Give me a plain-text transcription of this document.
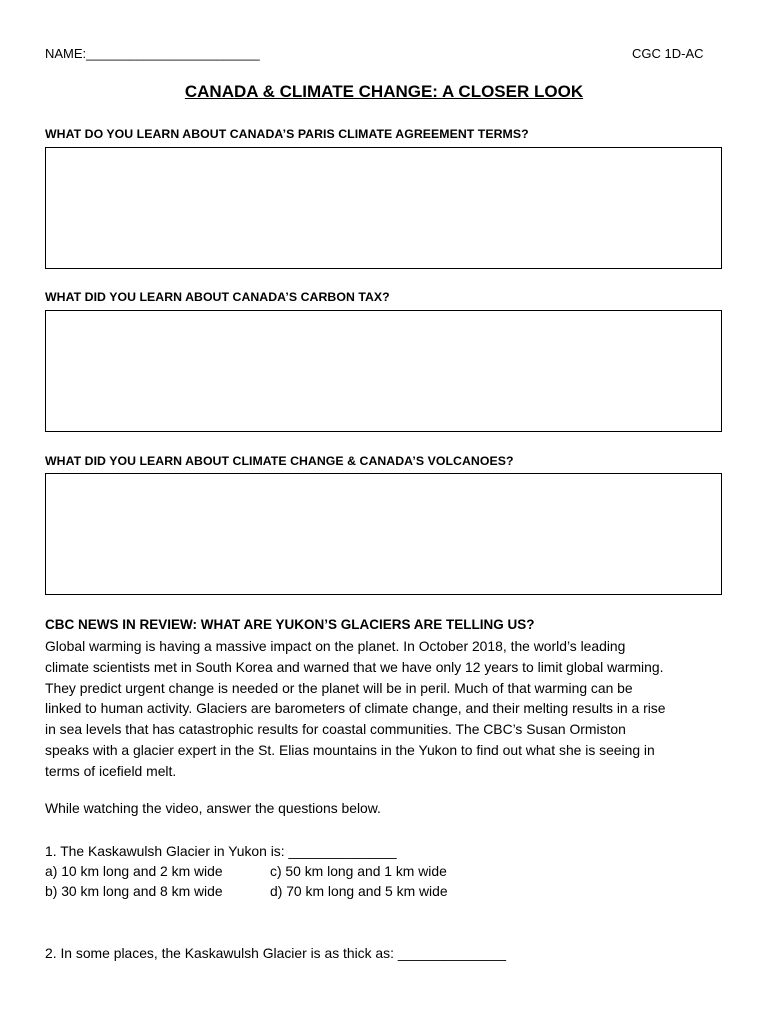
NAME:________________________	CGC 1D-AC
CANADA & CLIMATE CHANGE: A CLOSER LOOK
WHAT DO YOU LEARN ABOUT CANADA’S PARIS CLIMATE AGREEMENT TERMS?
WHAT DID YOU LEARN ABOUT CANADA’S CARBON TAX?
WHAT DID YOU LEARN ABOUT CLIMATE CHANGE & CANADA’S VOLCANOES?
CBC NEWS IN REVIEW: WHAT ARE YUKON’S GLACIERS ARE TELLING US?
Global warming is having a massive impact on the planet. In October 2018, the world’s leading
climate scientists met in South Korea and warned that we have only 12 years to limit global warming.
They predict urgent change is needed or the planet will be in peril. Much of that warming can be
linked to human activity. Glaciers are barometers of climate change, and their melting results in a rise
in sea levels that has catastrophic results for coastal communities. The CBC’s Susan Ormiston
speaks with a glacier expert in the St. Elias mountains in the Yukon to find out what she is seeing in
terms of icefield melt.
While watching the video, answer the questions below.
1. The Kaskawulsh Glacier in Yukon is: ______________
a) 10 km long and 2 km wide
b) 30 km long and 8 km wide
c) 50 km long and 1 km wide
d) 70 km long and 5 km wide
2. In some places, the Kaskawulsh Glacier is as thick as: ______________
